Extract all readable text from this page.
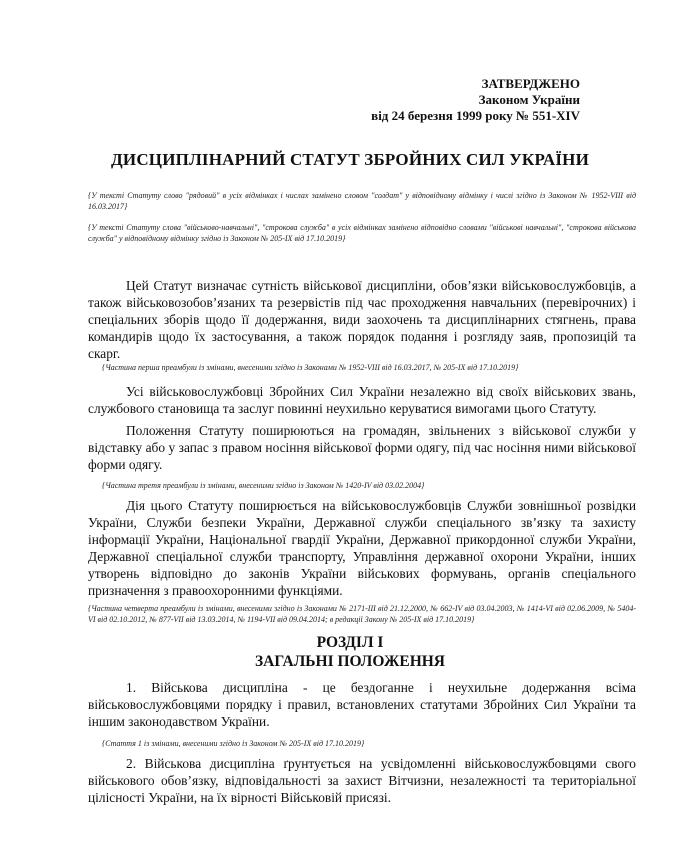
ЗАТВЕРДЖЕНО
Законом України
від 24 березня 1999 року № 551-XIV
ДИСЦИПЛІНАРНИЙ СТАТУТ ЗБРОЙНИХ СИЛ УКРАЇНИ

{У тексті Статуту слово "рядовий" в усіх відмінках і числах замінено словом "солдат" у відповідному відмінку і числі згідно із Законом № 1952-VIII від 16.03.2017}

{У тексті Статуту слова "військово-навчальні", "строкова служба" в усіх відмінках замінено відповідно словами "військові навчальні", "строкова військова служба" у відповідному відмінку згідно із Законом № 205-IX від 17.10.2019}

Цей Статут визначає сутність військової дисципліни, обов’язки військовослужбовців, а також військовозобов’язаних та резервістів під час проходження навчальних (перевірочних) і спеціальних зборів щодо її додержання, види заохочень та дисциплінарних стягнень, права командирів щодо їх застосування, а також порядок подання і розгляду заяв, пропозицій та скарг.

{Частина перша преамбули із змінами, внесеними згідно із Законами № 1952-VIII від 16.03.2017, № 205-IX від 17.10.2019}

Усі військовослужбовці Збройних Сил України незалежно від своїх військових звань, службового становища та заслуг повинні неухильно керуватися вимогами цього Статуту.

Положення Статуту поширюються на громадян, звільнених з військової служби у відставку або у запас з правом носіння військової форми одягу, під час носіння ними військової форми одягу.

{Частина третя преамбули із змінами, внесеними згідно із Законом № 1420-IV від 03.02.2004}

Дія цього Статуту поширюється на військовослужбовців Служби зовнішньої розвідки України, Служби безпеки України, Державної служби спеціального зв’язку та захисту інформації України, Національної гвардії України, Державної прикордонної служби України, Державної спеціальної служби транспорту, Управління державної охорони України, інших утворень відповідно до законів України військових формувань, органів спеціального призначення з правоохоронними функціями.

{Частина четверта преамбули із змінами, внесеними згідно із Законами № 2171-III від 21.12.2000, № 662-IV від 03.04.2003, № 1414-VI від 02.06.2009, № 5404-VI від 02.10.2012, № 877-VII від 13.03.2014, № 1194-VII від 09.04.2014; в редакції Закону № 205-IX від 17.10.2019}

РОЗДІЛ I
ЗАГАЛЬНІ ПОЛОЖЕННЯ

1. Військова дисципліна - це бездоганне і неухильне додержання всіма військовослужбовцями порядку і правил, встановлених статутами Збройних Сил України та іншим законодавством України.

{Стаття 1 із змінами, внесеними згідно із Законом № 205-IX від 17.10.2019}

2. Військова дисципліна ґрунтується на усвідомленні військовослужбовцями свого військового обов’язку, відповідальності за захист Вітчизни, незалежності та територіальної цілісності України, на їх вірності Військовій присязі.
